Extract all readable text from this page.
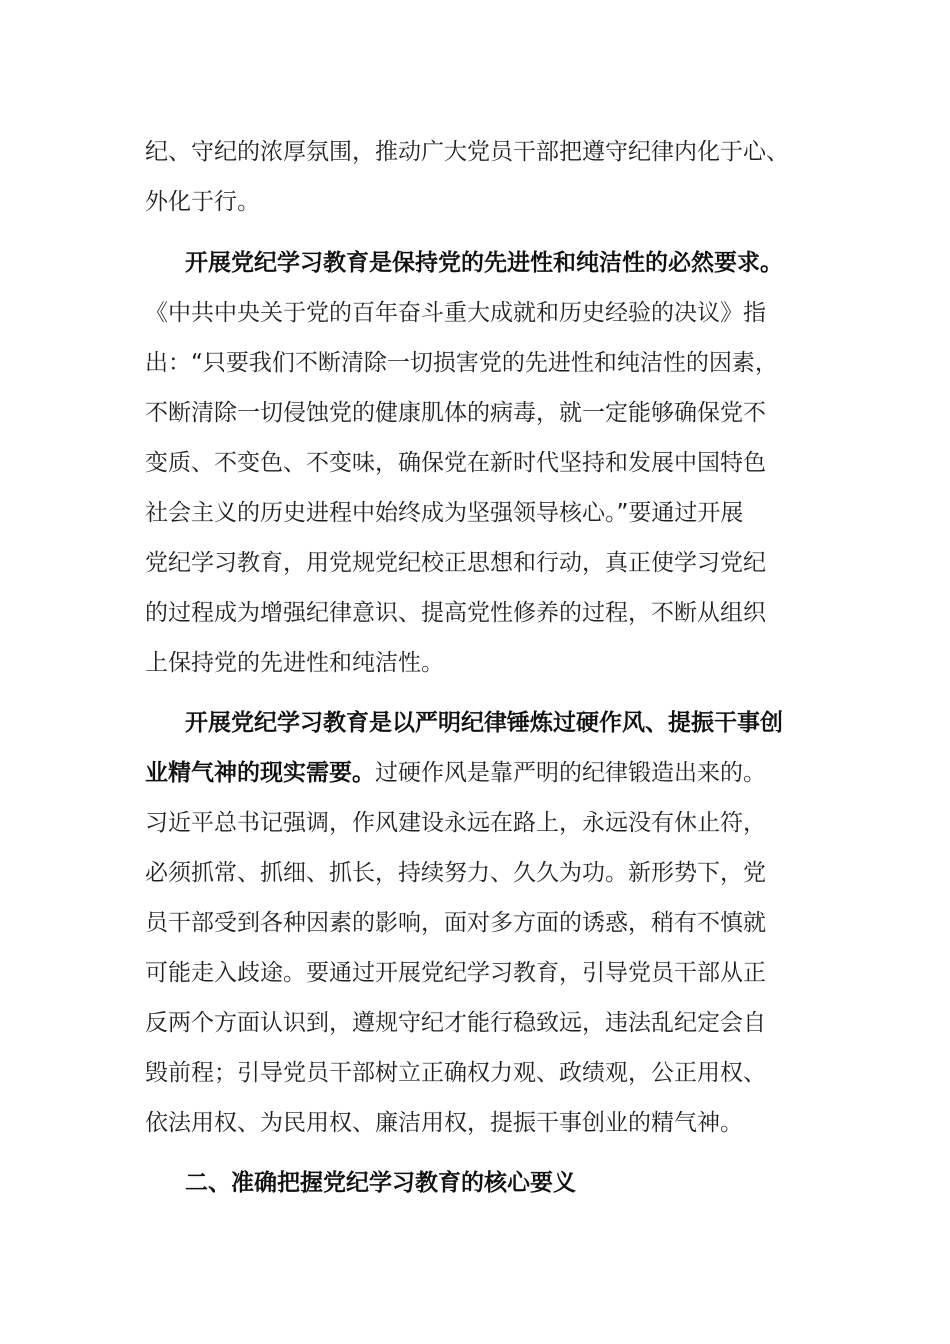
纪、守纪的浓厚氛围，推动广大党员干部把遵守纪律内化于心、
外化于行。
开展党纪学习教育是保持党的先进性和纯洁性的必然要求。
《中共中央关于党的百年奋斗重大成就和历史经验的决议》指
出：“只要我们不断清除一切损害党的先进性和纯洁性的因素，
不断清除一切侵蚀党的健康肌体的病毒，就一定能够确保党不
变质、不变色、不变味，确保党在新时代坚持和发展中国特色
社会主义的历史进程中始终成为坚强领导核心。”要通过开展
党纪学习教育，用党规党纪校正思想和行动，真正使学习党纪
的过程成为增强纪律意识、提高党性修养的过程，不断从组织
上保持党的先进性和纯洁性。
开展党纪学习教育是以严明纪律锤炼过硬作风、提振干事创
业精气神的现实需要。过硬作风是靠严明的纪律锻造出来的。
习近平总书记强调，作风建设永远在路上，永远没有休止符，
必须抓常、抓细、抓长，持续努力、久久为功。新形势下，党
员干部受到各种因素的影响，面对多方面的诱惑，稍有不慎就
可能走入歧途。要通过开展党纪学习教育，引导党员干部从正
反两个方面认识到，遵规守纪才能行稳致远，违法乱纪定会自
毁前程；引导党员干部树立正确权力观、政绩观，公正用权、
依法用权、为民用权、廉洁用权，提振干事创业的精气神。
二、准确把握党纪学习教育的核心要义
